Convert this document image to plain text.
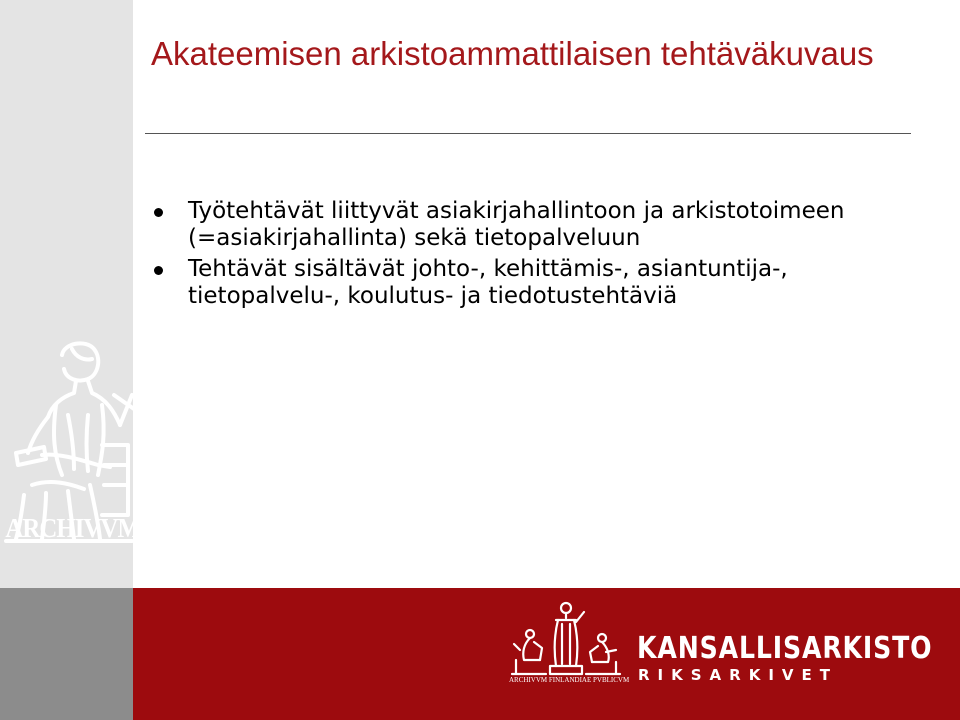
ARCHIVVM
Akateemisen arkistoammattilaisen tehtäväkuvaus
Työtehtävät liittyvät asiakirjahallintoon ja arkistotoimeen (=asiakirjahallinta) sekä tietopalveluun
Tehtävät sisältävät johto-, kehittämis-, asiantuntija-, tietopalvelu-, koulutus- ja tiedotustehtäviä
ARCHIVVM FINLANDIAE PVBLICVM
KANSALLISARKISTO
RIKSARKIVET
